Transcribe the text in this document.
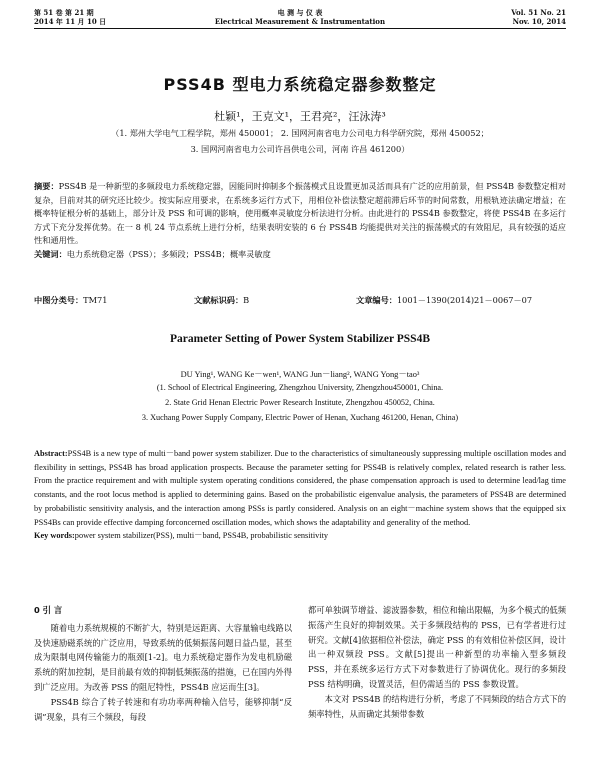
第 51 卷 第 21 期
2014 年 11 月 10 日
电 测 与 仪 表
Electrical Measurement & Instrumentation
Vol. 51 No. 21
Nov. 10, 2014
PSS4B 型电力系统稳定器参数整定
杜颖¹，王克文¹，王君亮²，汪泳涛³
（1. 郑州大学电气工程学院，郑州 450001； 2. 国网河南省电力公司电力科学研究院，郑州 450052；
3. 国网河南省电力公司许昌供电公司，河南 许昌 461200）

摘要：PSS4B 是一种新型的多频段电力系统稳定器，因能同时抑制多个振荡模式且设置更加灵活而具有广泛的应用前景，但 PSS4B 参数整定相对复杂，目前对其的研究还比较少。按实际应用要求，在系统多运行方式下，用相位补偿法整定超前滞后环节的时间常数，用根轨迹法确定增益；在概率特征根分析的基础上，部分计及 PSS 和可调的影响，使用概率灵敏度分析法进行分析。由此进行的 PSS4B 参数整定，将使 PSS4B 在多运行方式下充分发挥优势。在一 8 机 24 节点系统上进行分析，结果表明安装的 6 台 PSS4B 均能提供对关注的振荡模式的有效阻尼，具有较强的适应性和通用性。

关键词：电力系统稳定器（PSS）；多频段；PSS4B；概率灵敏度

中图分类号：TM71	文献标识码：B	文章编号：1001－1390(2014)21－0067－07
Parameter Setting of Power System Stabilizer PSS4B
DU Ying¹, WANG Ke－wen¹, WANG Jun－liang², WANG Yong－tao³
(1. School of Electrical Engineering, Zhengzhou University, Zhengzhou450001, China.
2. State Grid Henan Electric Power Research Institute, Zhengzhou 450052, China.
3. Xuchang Power Supply Company, Electric Power of Henan, Xuchang 461200, Henan, China)

Abstract:PSS4B is a new type of multi－band power system stabilizer. Due to the characteristics of simultaneously suppressing multiple oscillation modes and flexibility in settings, PSS4B has broad application prospects. Because the parameter setting for PSS4B is relatively complex, related research is rather less. From the practice requirement and with multiple system operating conditions considered, the phase compensation approach is used to determine lead/lag time constants, and the root locus method is applied to determining gains. Based on the probabilistic eigenvalue analysis, the parameters of PSS4B are determined by probabilistic sensitivity analysis, and the interaction among PSSs is partly considered. Analysis on an eight－machine system shows that the equipped six PSS4Bs can provide effective damping forconcerned oscillation modes, which shows the adaptability and generality of the method.

Key words:power system stabilizer(PSS), multi－band, PSS4B, probabilistic sensitivity

0 引 言

随着电力系统规模的不断扩大，特别是远距离、大容量输电线路以及快速励磁系统的广泛应用，导致系统的低频振荡问题日益凸显，甚至成为限制电网传输能力的瓶颈[1-2]。电力系统稳定器作为发电机励磁系统的附加控制，是目前最有效的抑制低频振荡的措施，已在国内外得到广泛应用。为改善 PSS 的阻尼特性，PSS4B 应运而生[3]。

PSS4B 综合了转子转速和有功功率两种输入信号，能够抑制“反调”现象，具有三个频段，每段

都可单独调节增益、滤波器参数，相位和输出限幅，为多个模式的低频振荡产生良好的抑制效果。关于多频段结构的 PSS，已有学者进行过研究。文献[4]依据相位补偿法，确定 PSS 的有效相位补偿区间，设计出一种双频段 PSS。文献[5]提出一种新型的功率输入型多频段 PSS，并在系统多运行方式下对参数进行了协调优化。现行的多频段 PSS 结构明确，设置灵活，但仍需适当的 PSS 参数设置。

本文对 PSS4B 的结构进行分析，考虑了不同频段的结合方式下的频率特性，从而确定其频带参数
